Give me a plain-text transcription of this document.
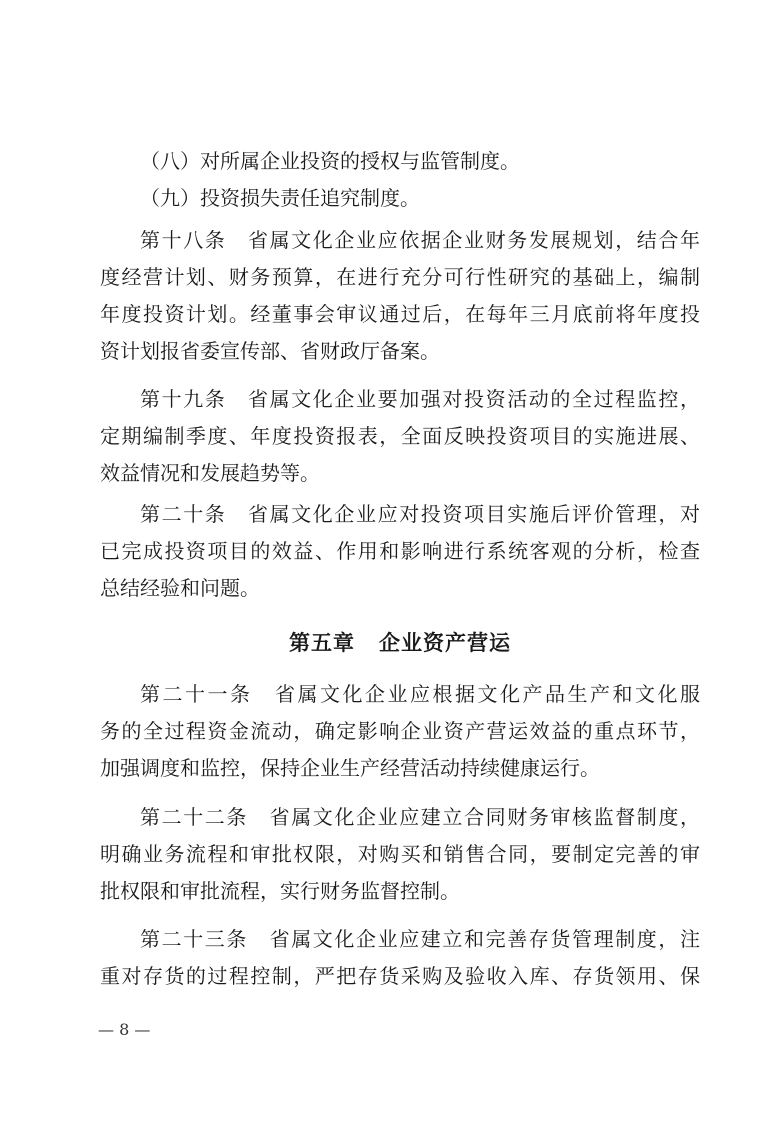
（八）对所属企业投资的授权与监管制度。
（九）投资损失责任追究制度。
第十八条　省属文化企业应依据企业财务发展规划，结合年
度经营计划、财务预算，在进行充分可行性研究的基础上，编制
年度投资计划。经董事会审议通过后，在每年三月底前将年度投
资计划报省委宣传部、省财政厅备案。
第十九条　省属文化企业要加强对投资活动的全过程监控，
定期编制季度、年度投资报表，全面反映投资项目的实施进展、
效益情况和发展趋势等。
第二十条　省属文化企业应对投资项目实施后评价管理，对
已完成投资项目的效益、作用和影响进行系统客观的分析，检查
总结经验和问题。
第五章 企业资产营运
第二十一条　省属文化企业应根据文化产品生产和文化服
务的全过程资金流动，确定影响企业资产营运效益的重点环节，
加强调度和监控，保持企业生产经营活动持续健康运行。
第二十二条　省属文化企业应建立合同财务审核监督制度，
明确业务流程和审批权限，对购买和销售合同，要制定完善的审
批权限和审批流程，实行财务监督控制。
第二十三条　省属文化企业应建立和完善存货管理制度，注
重对存货的过程控制，严把存货采购及验收入库、存货领用、保
— 8 —
